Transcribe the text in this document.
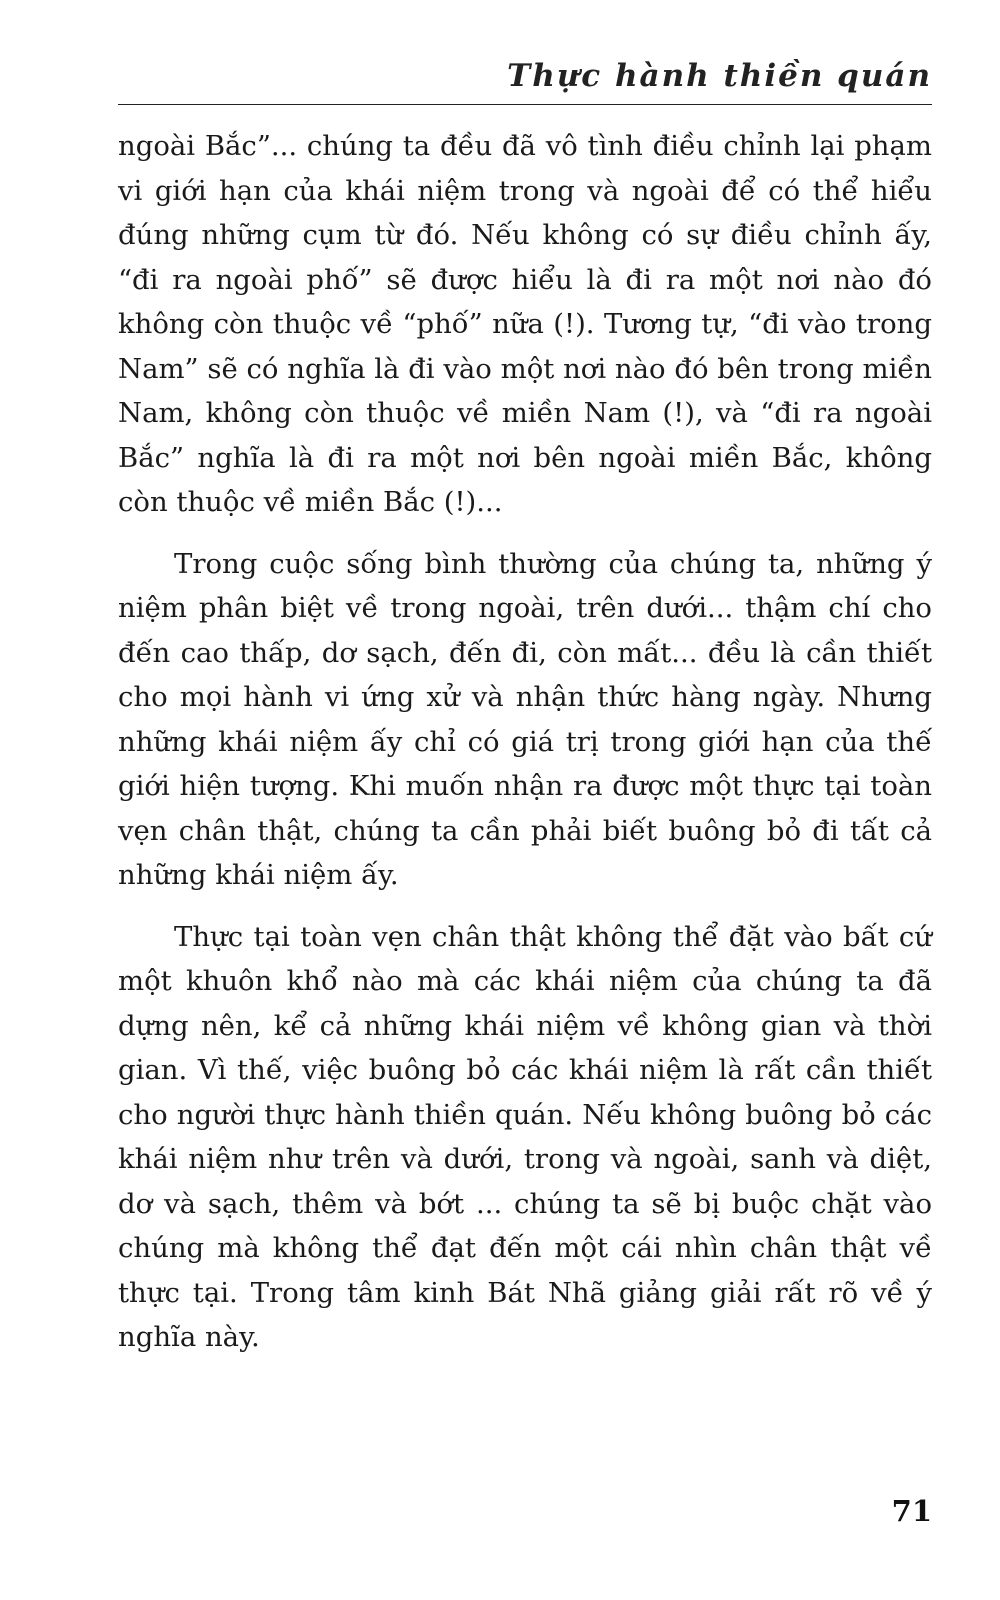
Thực hành thiền quán

ngoài Bắc”... chúng ta đều đã vô tình điều chỉnh lại phạm vi giới hạn của khái niệm trong và ngoài để có thể hiểu đúng những cụm từ đó. Nếu không có sự điều chỉnh ấy, “đi ra ngoài phố” sẽ được hiểu là đi ra một nơi nào đó không còn thuộc về “phố” nữa (!). Tương tự, “đi vào trong Nam” sẽ có nghĩa là đi vào một nơi nào đó bên trong miền Nam, không còn thuộc về miền Nam (!), và “đi ra ngoài Bắc” nghĩa là đi ra một nơi bên ngoài miền Bắc, không còn thuộc về miền Bắc (!)...

Trong cuộc sống bình thường của chúng ta, những ý niệm phân biệt về trong ngoài, trên dưới... thậm chí cho đến cao thấp, dơ sạch, đến đi, còn mất... đều là cần thiết cho mọi hành vi ứng xử và nhận thức hàng ngày. Nhưng những khái niệm ấy chỉ có giá trị trong giới hạn của thế giới hiện tượng. Khi muốn nhận ra được một thực tại toàn vẹn chân thật, chúng ta cần phải biết buông bỏ đi tất cả những khái niệm ấy.

Thực tại toàn vẹn chân thật không thể đặt vào bất cứ một khuôn khổ nào mà các khái niệm của chúng ta đã dựng nên, kể cả những khái niệm về không gian và thời gian. Vì thế, việc buông bỏ các khái niệm là rất cần thiết cho người thực hành thiền quán. Nếu không buông bỏ các khái niệm như trên và dưới, trong và ngoài, sanh và diệt, dơ và sạch, thêm và bớt ... chúng ta sẽ bị buộc chặt vào chúng mà không thể đạt đến một cái nhìn chân thật về thực tại. Trong tâm kinh Bát Nhã giảng giải rất rõ về ý nghĩa này.

71
